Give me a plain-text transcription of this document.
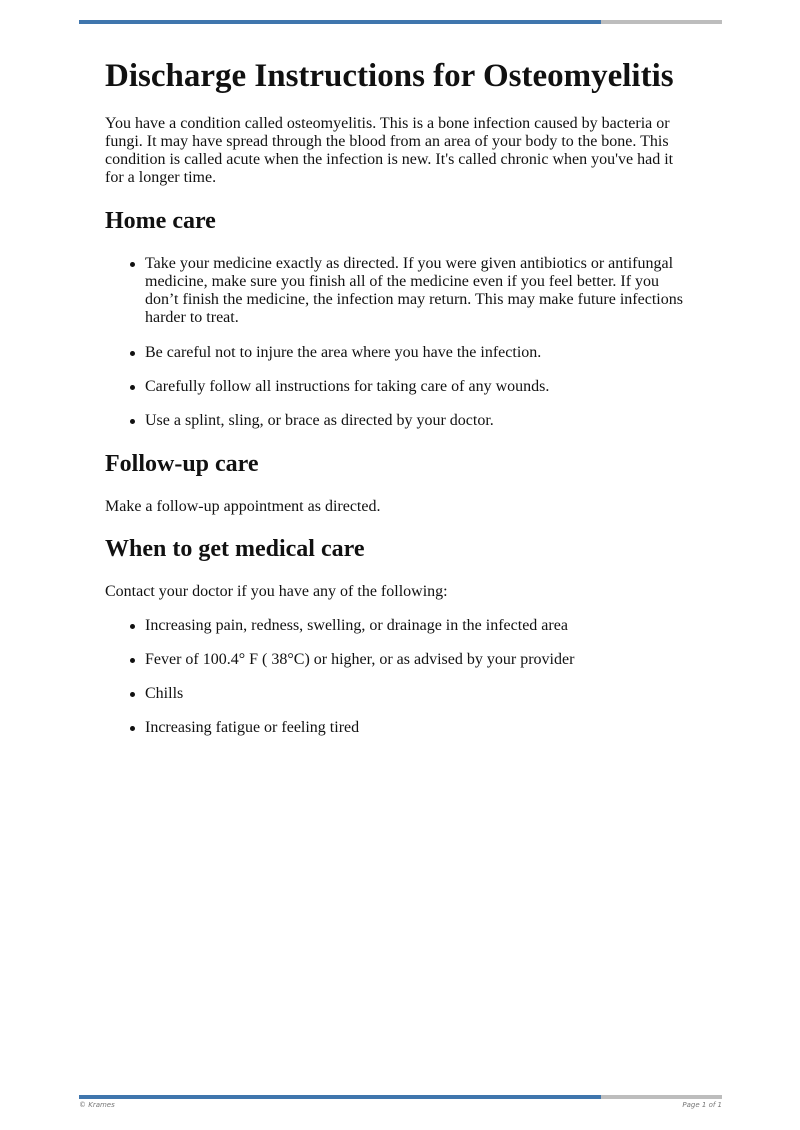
Discharge Instructions for Osteomyelitis

You have a condition called osteomyelitis. This is a bone infection caused by bacteria or fungi. It may have spread through the blood from an area of your body to the bone. This condition is called acute when the infection is new. It's called chronic when you've had it for a longer time.

Home care
Take your medicine exactly as directed. If you were given antibiotics or antifungal medicine, make sure you finish all of the medicine even if you feel better. If you don’t finish the medicine, the infection may return. This may make future infections harder to treat.
Be careful not to injure the area where you have the infection.
Carefully follow all instructions for taking care of any wounds.
Use a splint, sling, or brace as directed by your doctor.
Follow-up care

Make a follow-up appointment as directed.

When to get medical care

Contact your doctor if you have any of the following:

Increasing pain, redness, swelling, or drainage in the infected area
Fever of 100.4° F ( 38°C) or higher, or as advised by your provider
Chills
Increasing fatigue or feeling tired
© Krames	Page 1 of 1
